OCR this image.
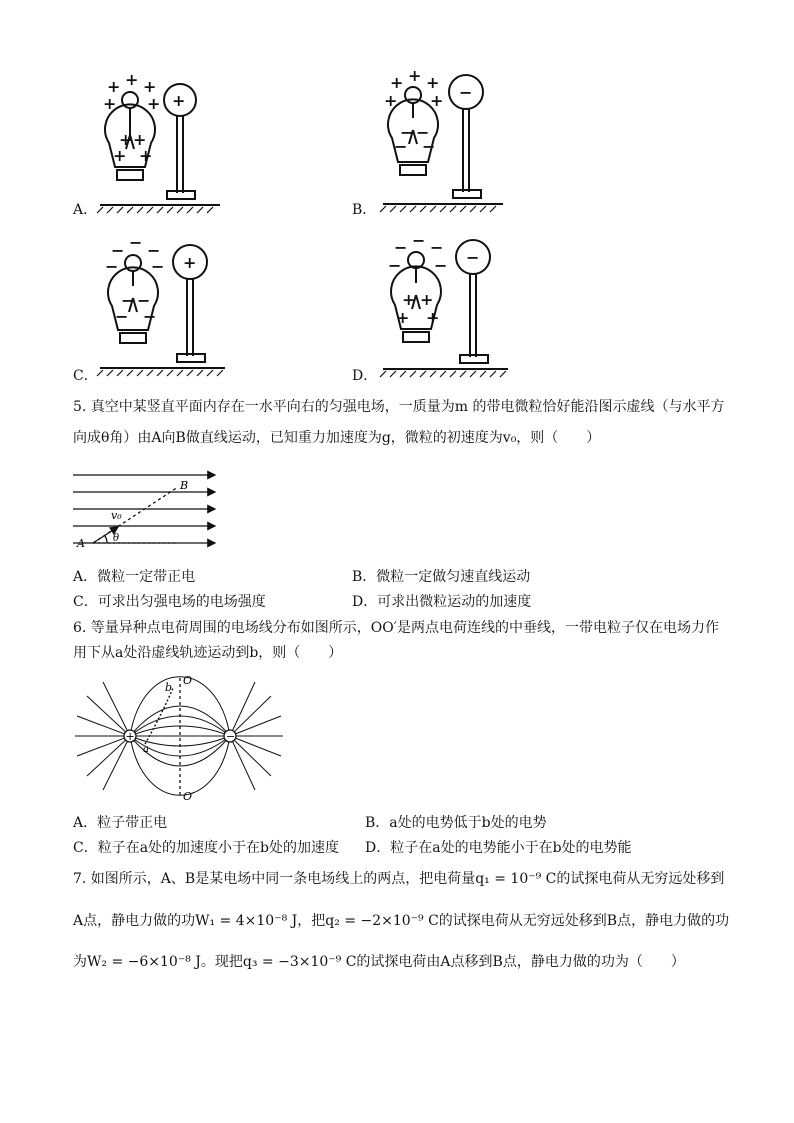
+ + +
+ +
+ +
+ +
+
A．
+ + +
+ +
− −
− −
−
B．
− − −
− −
− −
− −
+
C．
− − −
− −
+ +
+ +
−
D．
5. 真空中某竖直平面内存在一水平向右的匀强电场，一质量为m 的带电微粒恰好能沿图示虚线（与水平方
向成θ角）由A向B做直线运动，已知重力加速度为g，微粒的初速度为v₀，则（　　）
B
v₀
θ
A
A．微粒一定带正电	B．微粒一定做匀速直线运动
C．可求出匀强电场的电场强度	D．可求出微粒运动的加速度
6. 等量异种点电荷周围的电场线分布如图所示，OO′是两点电荷连线的中垂线，一带电粒子仅在电场力作
用下从a处沿虚线轨迹运动到b，则（　　）
+	−
O
O′
b
a
A．粒子带正电	B．a处的电势低于b处的电势
C．粒子在a处的加速度小于在b处的加速度 D．粒子在a处的电势能小于在b处的电势能
7. 如图所示，A、B是某电场中同一条电场线上的两点，把电荷量q₁ = 10⁻⁹ C的试探电荷从无穷远处移到
A点，静电力做的功W₁ = 4×10⁻⁸ J，把q₂ = −2×10⁻⁹ C的试探电荷从无穷远处移到B点，静电力做的功
为W₂ = −6×10⁻⁸ J。现把q₃ = −3×10⁻⁹ C的试探电荷由A点移到B点，静电力做的功为（　　）
